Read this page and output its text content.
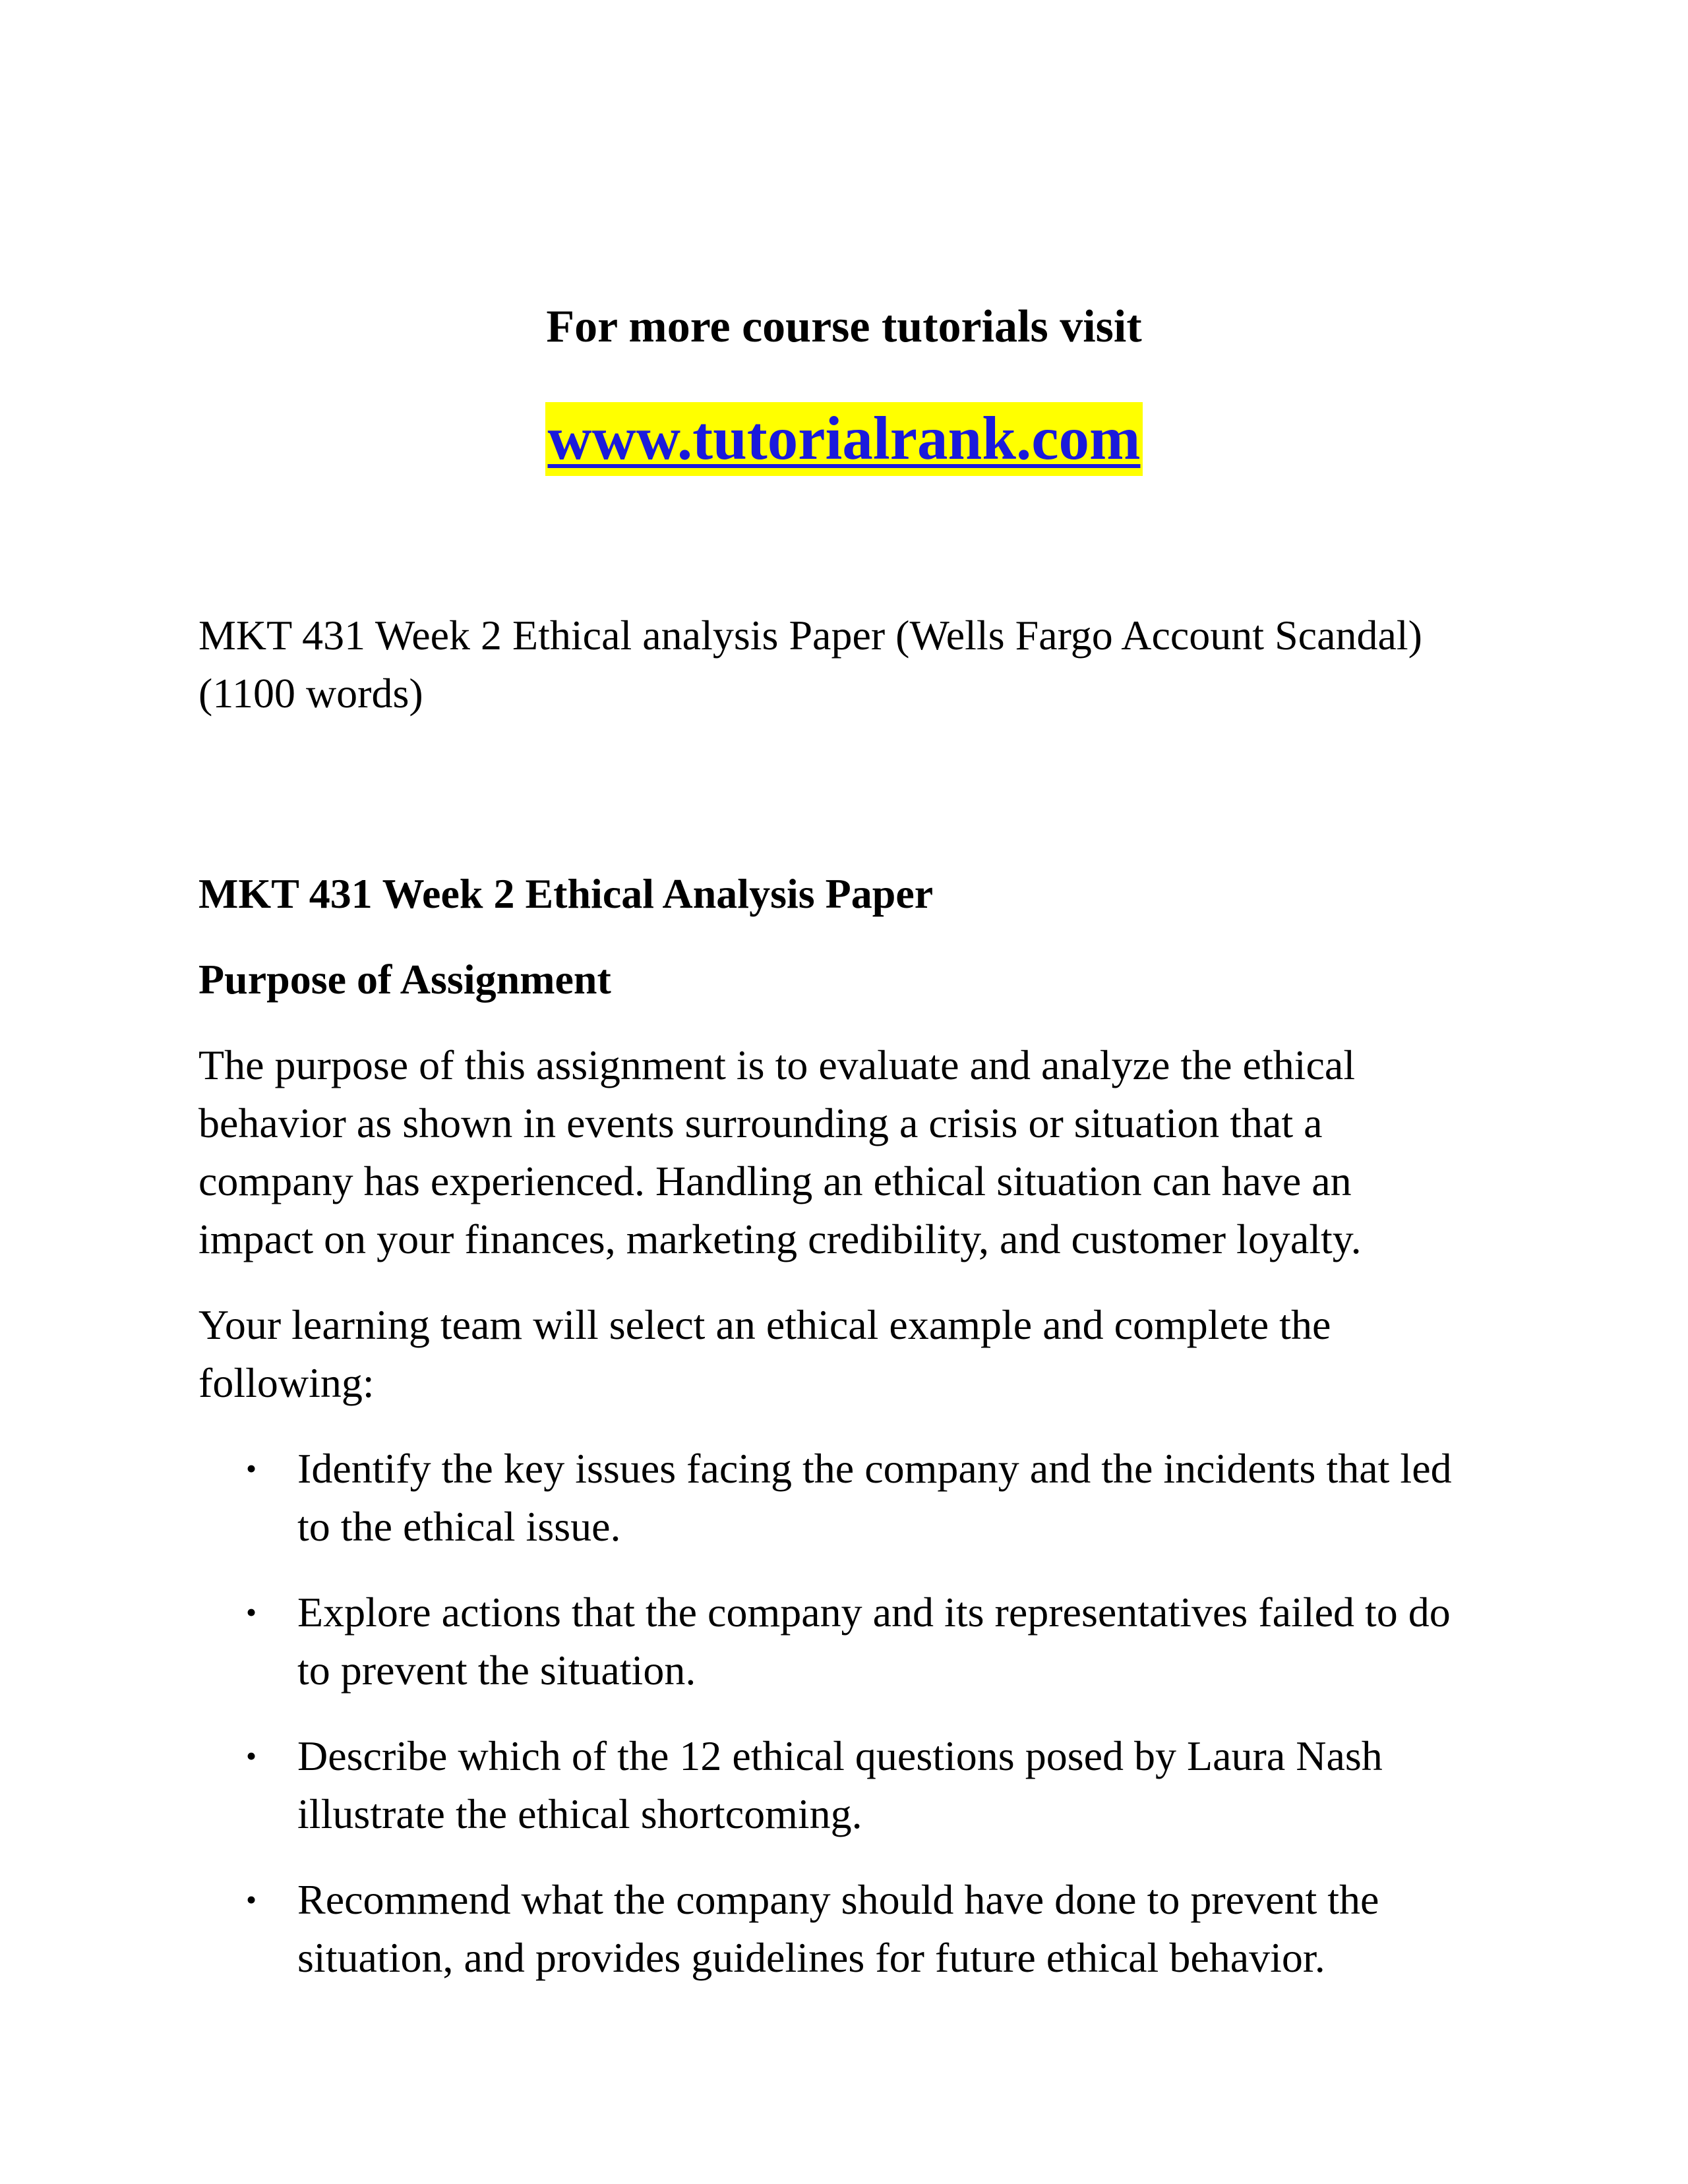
For more course tutorials visit
www.tutorialrank.com

MKT 431 Week 2 Ethical analysis Paper (Wells Fargo Account Scandal)
(1100 words)

MKT 431 Week 2 Ethical Analysis Paper
Purpose of Assignment

The purpose of this assignment is to evaluate and analyze the ethical behavior as shown in events surrounding a crisis or situation that a company has experienced. Handling an ethical situation can have an impact on your finances, marketing credibility, and customer loyalty.

Your learning team will select an ethical example and complete the following:

• Identify the key issues facing the company and the incidents that led to the ethical issue.
• Explore actions that the company and its representatives failed to do to prevent the situation.
• Describe which of the 12 ethical questions posed by Laura Nash illustrate the ethical shortcoming.
• Recommend what the company should have done to prevent the situation, and provides guidelines for future ethical behavior.
